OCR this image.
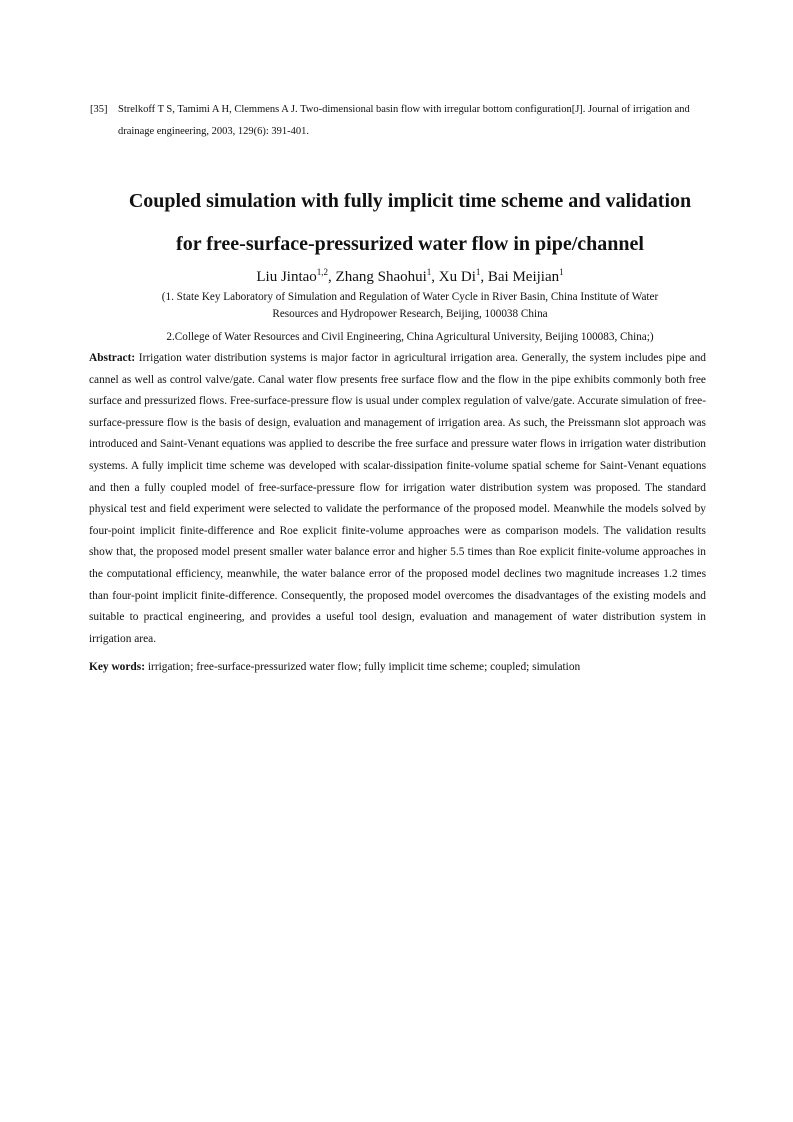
[35] Strelkoff T S, Tamimi A H, Clemmens A J. Two-dimensional basin flow with irregular bottom configuration[J]. Journal of irrigation and drainage engineering, 2003, 129(6): 391-401.
Coupled simulation with fully implicit time scheme and validation
for free-surface-pressurized water flow in pipe/channel
Liu Jintao$^{1,2}$, Zhang Shaohui$^1$, Xu Di$^1$, Bai Meijian$^1$
(1. State Key Laboratory of Simulation and Regulation of Water Cycle in River Basin, China Institute of Water
Resources and Hydropower Research, Beijing, 100038 China
2.College of Water Resources and Civil Engineering, China Agricultural University, Beijing 100083, China;)
Abstract: Irrigation water distribution systems is major factor in agricultural irrigation area. Generally, the system includes pipe and cannel as well as control valve/gate. Canal water flow presents free surface flow and the flow in the pipe exhibits commonly both free surface and pressurized flows. Free-surface-pressure flow is usual under complex regulation of valve/gate. Accurate simulation of free-surface-pressure flow is the basis of design, evaluation and management of irrigation area. As such, the Preissmann slot approach was introduced and Saint-Venant equations was applied to describe the free surface and pressure water flows in irrigation water distribution systems. A fully implicit time scheme was developed with scalar-dissipation finite-volume spatial scheme for Saint-Venant equations and then a fully coupled model of free-surface-pressure flow for irrigation water distribution system was proposed. The standard physical test and field experiment were selected to validate the performance of the proposed model. Meanwhile the models solved by four-point implicit finite-difference and Roe explicit finite-volume approaches were as comparison models. The validation results show that, the proposed model present smaller water balance error and higher 5.5 times than Roe explicit finite-volume approaches in the computational efficiency, meanwhile, the water balance error of the proposed model declines two magnitude increases 1.2 times than four-point implicit finite-difference. Consequently, the proposed model overcomes the disadvantages of the existing models and suitable to practical engineering, and provides a useful tool design, evaluation and management of water distribution system in irrigation area.
Key words: irrigation; free-surface-pressurized water flow; fully implicit time scheme; coupled; simulation
